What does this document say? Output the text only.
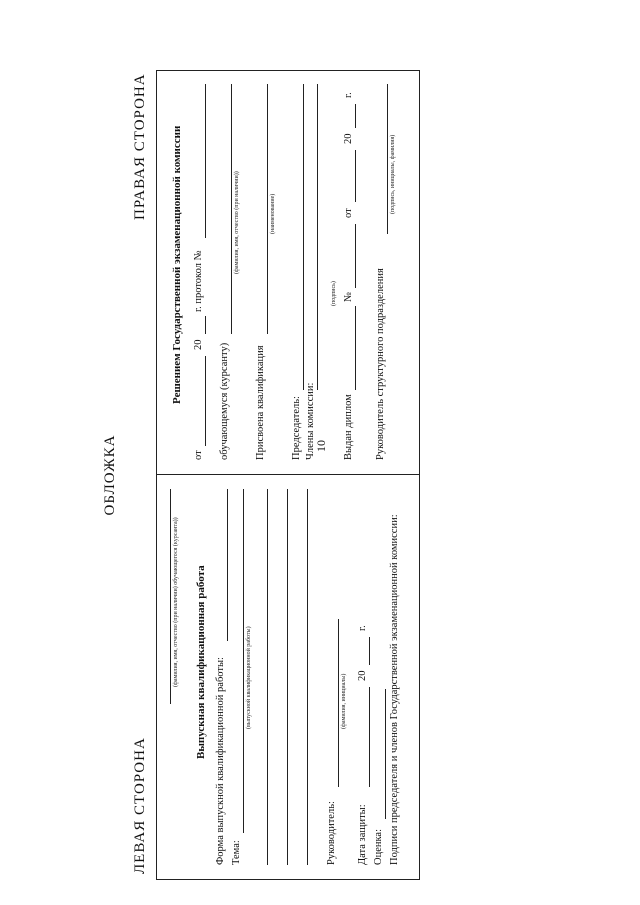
10
ОБЛОЖКА
ЛЕВАЯ СТОРОНА
ПРАВАЯ СТОРОНА
(фамилия, имя, отчество (при наличии) обучающегося (курсанта)) Выпускная квалификационная работа Форма выпускной квалификационной работы: Тема:
(выпускной квалификационной работы)
Руководитель:
(фамилия, инициалы)
Дата защиты:
20
г.
Оценка: Подписи председателя и членов Государственной экзаменационной комиссии:
Решением Государственной экзаменационной комиссии
от
20
г. протокол №
обучающемуся (курсанту)
(фамилия, имя, отчество (при наличии))
Присвоена квалификация
(наименование)
Председатель: Члены комиссии:	Выдан диплом
№
(подпись)
от
20
г.
Руководитель структурного подразделения
(подпись, инициалы, фамилия)
